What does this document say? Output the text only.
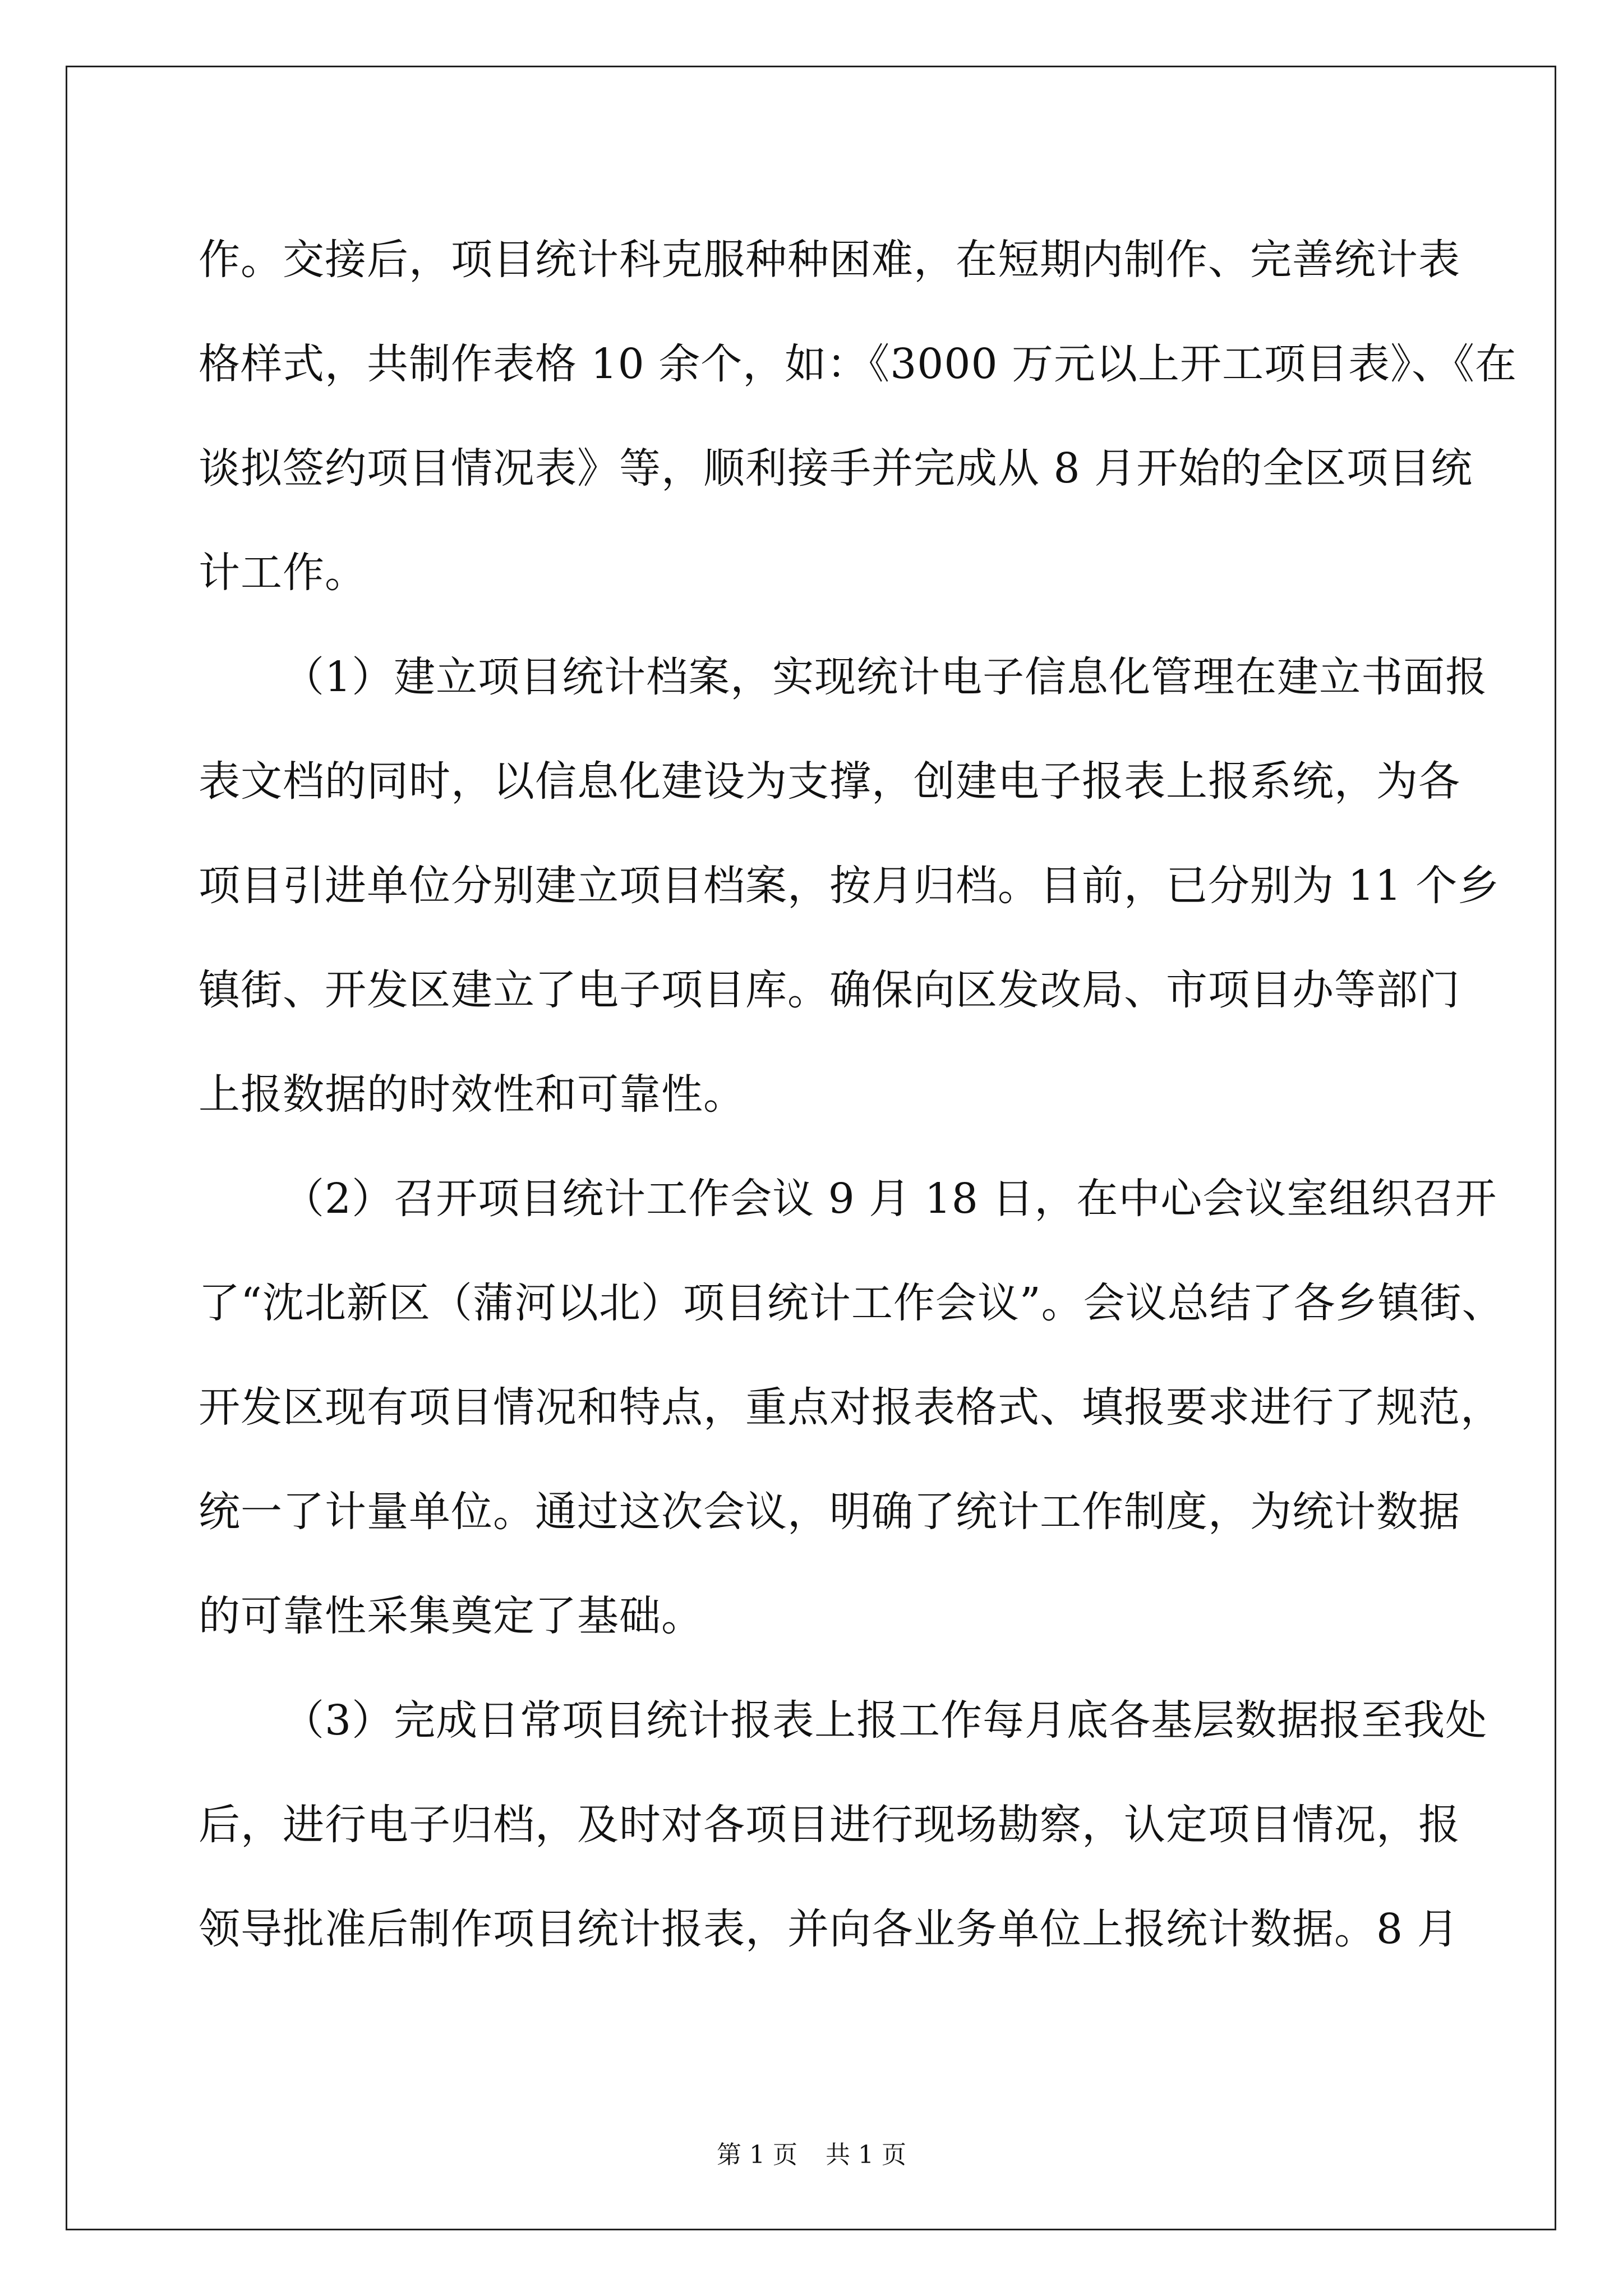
作。交接后，项目统计科克服种种困难，在短期内制作、完善统计表
格样式，共制作表格 10 余个，如：《3000 万元以上开工项目表》、《在
谈拟签约项目情况表》等，顺利接手并完成从 8 月开始的全区项目统
计工作。
（1）建立项目统计档案，实现统计电子信息化管理在建立书面报
表文档的同时，以信息化建设为支撑，创建电子报表上报系统，为各
项目引进单位分别建立项目档案，按月归档。目前，已分别为 11 个乡
镇街、开发区建立了电子项目库。确保向区发改局、市项目办等部门
上报数据的时效性和可靠性。
（2）召开项目统计工作会议 9 月 18 日，在中心会议室组织召开
了“沈北新区（蒲河以北）项目统计工作会议”。会议总结了各乡镇街、
开发区现有项目情况和特点，重点对报表格式、填报要求进行了规范，
统一了计量单位。通过这次会议，明确了统计工作制度，为统计数据
的可靠性采集奠定了基础。
（3）完成日常项目统计报表上报工作每月底各基层数据报至我处
后，进行电子归档，及时对各项目进行现场勘察，认定项目情况，报
领导批准后制作项目统计报表，并向各业务单位上报统计数据。8 月
第 1 页 共 1 页
